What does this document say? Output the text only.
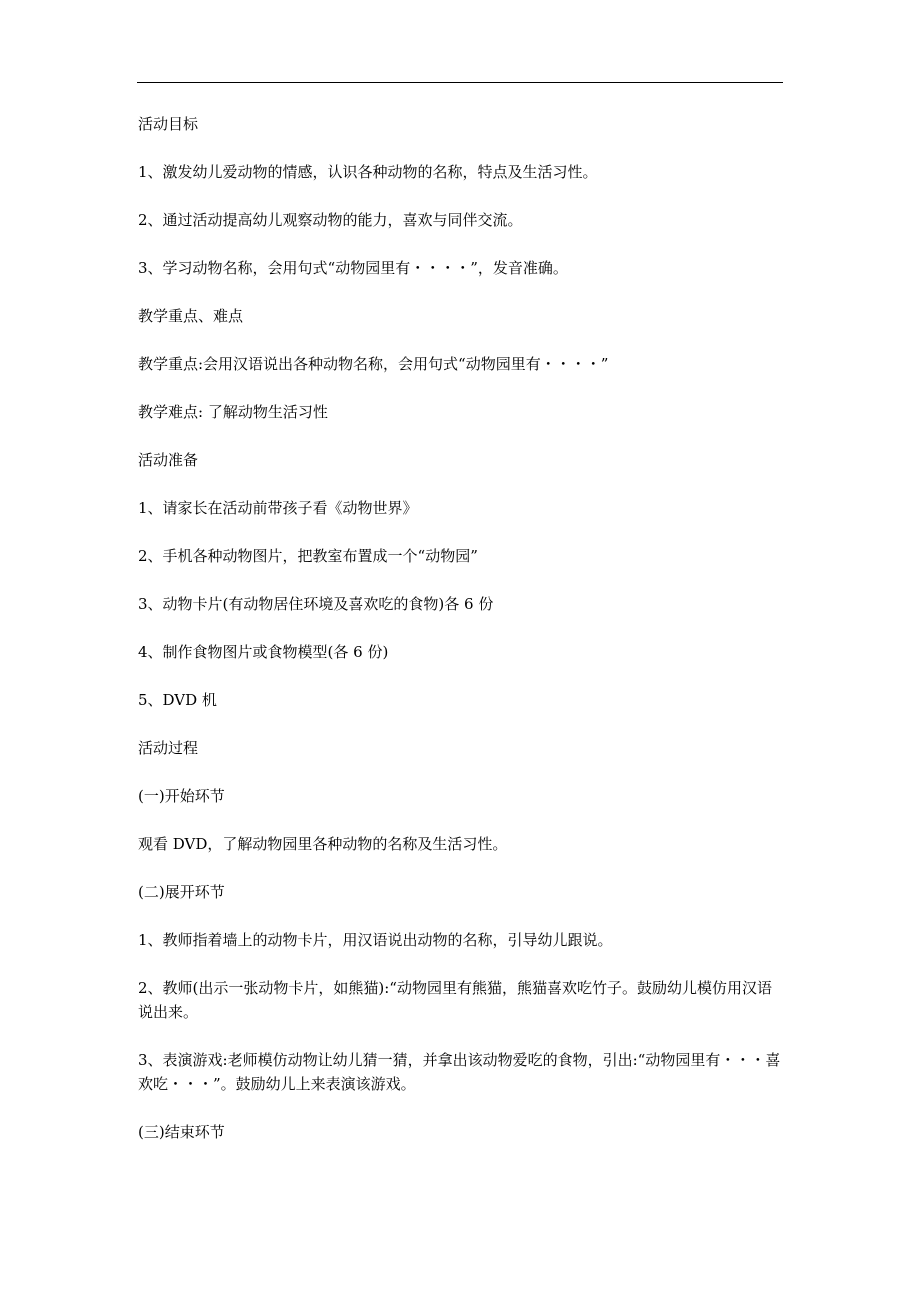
活动目标

1、激发幼儿爱动物的情感，认识各种动物的名称，特点及生活习性。

2、通过活动提高幼儿观察动物的能力，喜欢与同伴交流。

3、学习动物名称，会用句式“动物园里有・・・・”，发音准确。

教学重点、难点

教学重点:会用汉语说出各种动物名称，会用句式“动物园里有・・・・”

教学难点: 了解动物生活习性

活动准备

1、请家长在活动前带孩子看《动物世界》

2、手机各种动物图片，把教室布置成一个“动物园”

3、动物卡片(有动物居住环境及喜欢吃的食物)各 6 份

4、制作食物图片或食物模型(各 6 份)

5、DVD 机

活动过程

(一)开始环节

观看 DVD，了解动物园里各种动物的名称及生活习性。

(二)展开环节

1、教师指着墙上的动物卡片，用汉语说出动物的名称，引导幼儿跟说。

2、教师(出示一张动物卡片，如熊猫):“动物园里有熊猫，熊猫喜欢吃竹子。鼓励幼儿模仿用汉语说出来。

3、表演游戏:老师模仿动物让幼儿猜一猜，并拿出该动物爱吃的食物，引出:“动物园里有・・・喜欢吃・・・”。鼓励幼儿上来表演该游戏。

(三)结束环节
